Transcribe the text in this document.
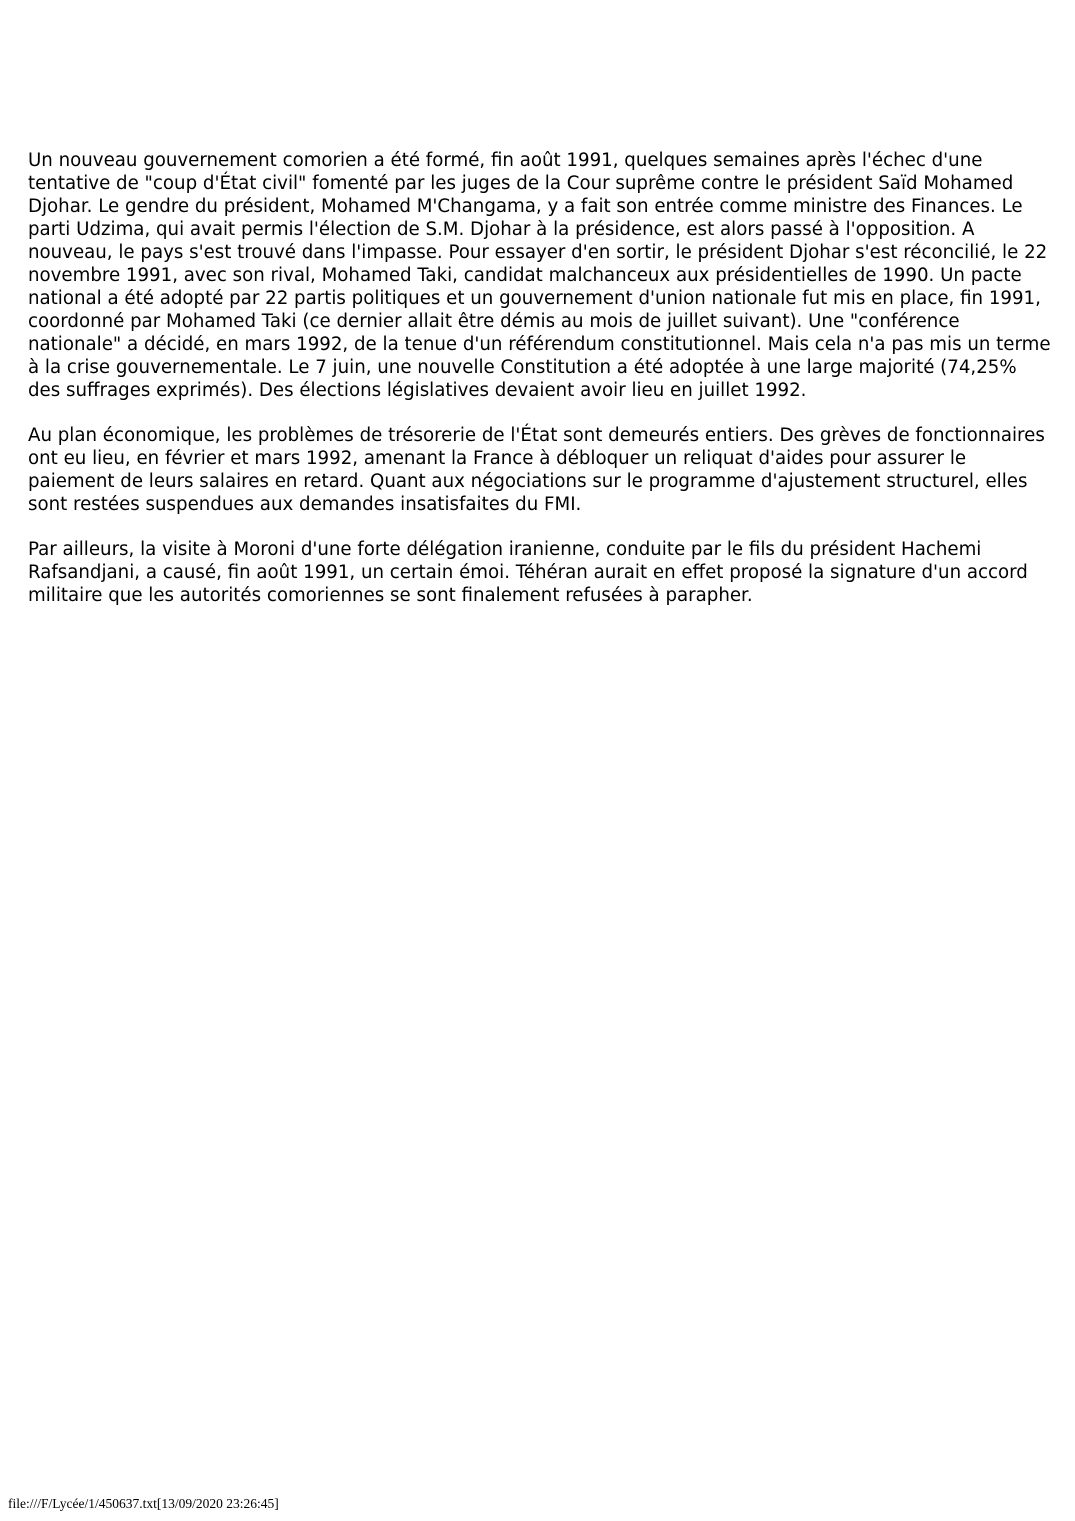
Un nouveau gouvernement comorien a été formé, fin août 1991, quelques semaines après l'échec d'une tentative de "coup d'État civil" fomenté par les juges de la Cour suprême contre le président Saïd Mohamed Djohar. Le gendre du président, Mohamed M'Changama, y a fait son entrée comme ministre des Finances. Le parti Udzima, qui avait permis l'élection de S.M. Djohar à la présidence, est alors passé à l'opposition. A nouveau, le pays s'est trouvé dans l'impasse. Pour essayer d'en sortir, le président Djohar s'est réconcilié, le 22 novembre 1991, avec son rival, Mohamed Taki, candidat malchanceux aux présidentielles de 1990. Un pacte national a été adopté par 22 partis politiques et un gouvernement d'union nationale fut mis en place, fin 1991, coordonné par Mohamed Taki (ce dernier allait être démis au mois de juillet suivant). Une "conférence nationale" a décidé, en mars 1992, de la tenue d'un référendum constitutionnel. Mais cela n'a pas mis un terme à la crise gouvernementale. Le 7 juin, une nouvelle Constitution a été adoptée à une large majorité (74,25% des suffrages exprimés). Des élections législatives devaient avoir lieu en juillet 1992.

Au plan économique, les problèmes de trésorerie de l'État sont demeurés entiers. Des grèves de fonctionnaires ont eu lieu, en février et mars 1992, amenant la France à débloquer un reliquat d'aides pour assurer le paiement de leurs salaires en retard. Quant aux négociations sur le programme d'ajustement structurel, elles sont restées suspendues aux demandes insatisfaites du FMI.

Par ailleurs, la visite à Moroni d'une forte délégation iranienne, conduite par le fils du président Hachemi Rafsandjani, a causé, fin août 1991, un certain émoi. Téhéran aurait en effet proposé la signature d'un accord militaire que les autorités comoriennes se sont finalement refusées à parapher.

file:///F/Lycée/1/450637.txt[13/09/2020 23:26:45]
